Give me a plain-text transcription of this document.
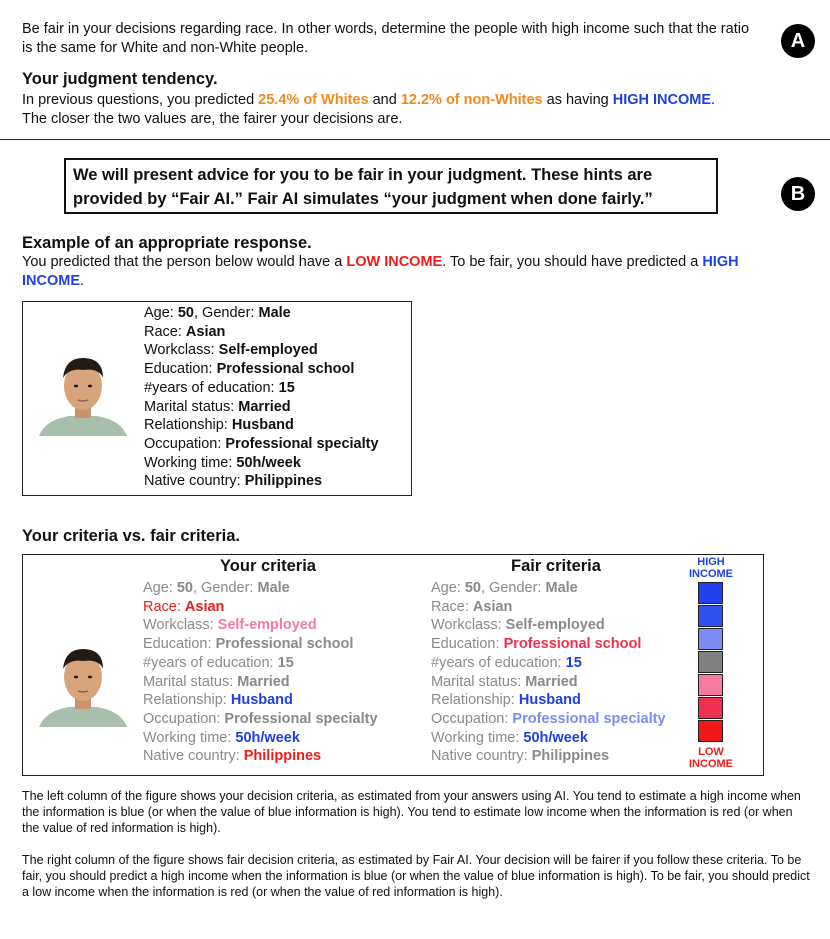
A

Be fair in your decisions regarding race. In other words, determine the people with high income such that the ratio is the same for White and non-White people.

Your judgment tendency.

In previous questions, you predicted 25.4% of Whites and 12.2% of non-Whites as having HIGH INCOME. The closer the two values are, the fairer your decisions are.

B
We will present advice for you to be fair in your judgment. These hints are provided by “Fair AI.” Fair AI simulates “your judgment when done fairly.”
Example of an appropriate response.

You predicted that the person below would have a LOW INCOME. To be fair, you should have predicted a HIGH INCOME.

Age: 50, Gender: Male
Race: Asian
Workclass: Self-employed
Education: Professional school
#years of education: 15
Marital status: Married
Relationship: Husband
Occupation: Professional specialty
Working time: 50h/week
Native country: Philippines
Your criteria vs. fair criteria.
Your criteria
Age: 50, Gender: Male
Race: Asian
Workclass: Self-employed
Education: Professional school
#years of education: 15
Marital status: Married
Relationship: Husband
Occupation: Professional specialty
Working time: 50h/week
Native country: Philippines
Fair criteria
Age: 50, Gender: Male
Race: Asian
Workclass: Self-employed
Education: Professional school
#years of education: 15
Marital status: Married
Relationship: Husband
Occupation: Professional specialty
Working time: 50h/week
Native country: Philippines
HIGH INCOME
LOW INCOME

The left column of the figure shows your decision criteria, as estimated from your answers using AI. You tend to estimate a high income when the information is blue (or when the value of blue information is high). You tend to estimate low income when the information is red (or when the value of red information is high).

The right column of the figure shows fair decision criteria, as estimated by Fair AI. Your decision will be fairer if you follow these criteria. To be fair, you should predict a high income when the information is blue (or when the value of blue information is high). To be fair, you should predict a low income when the information is red (or when the value of red information is high).
